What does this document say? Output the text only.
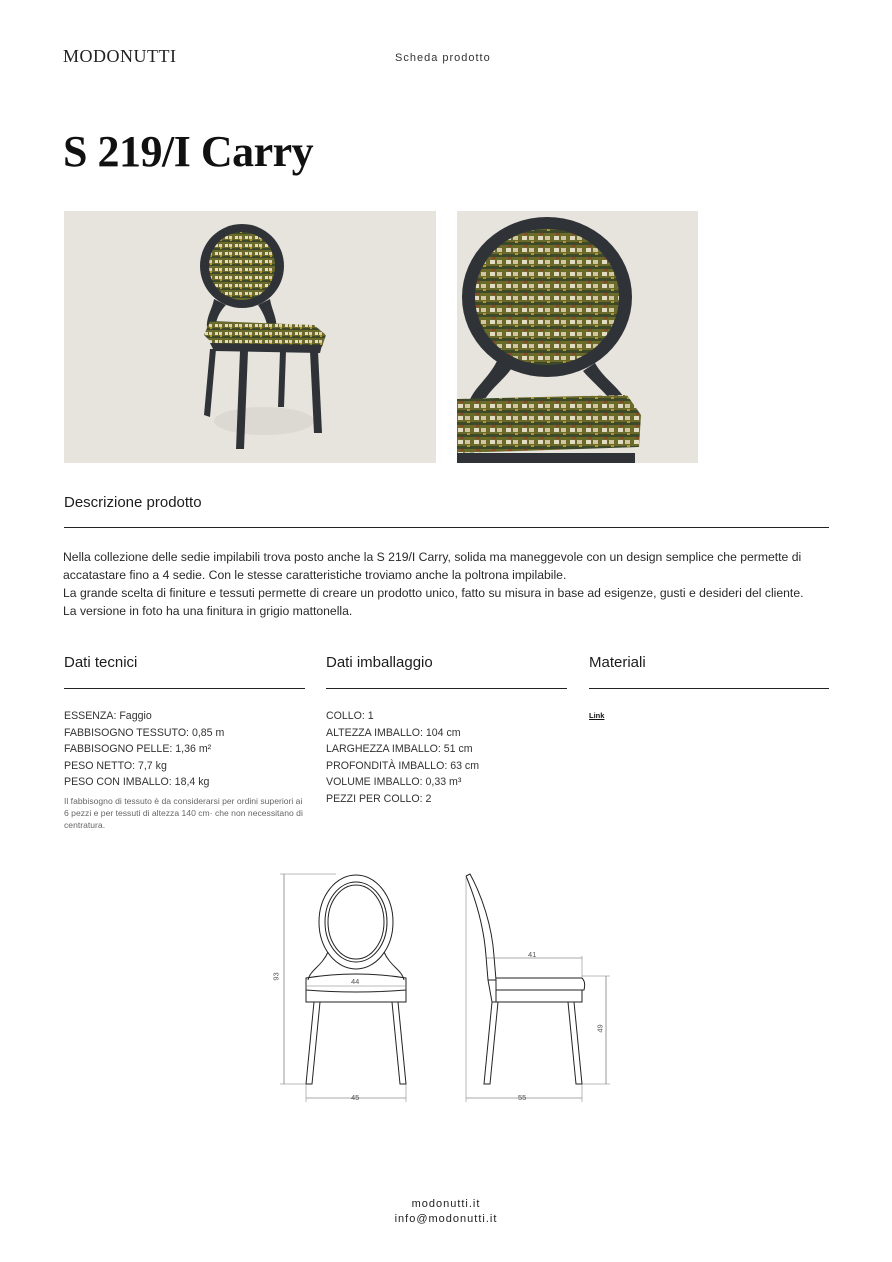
MODONUTTI	Scheda prodotto
S 219/I Carry
Descrizione prodotto

Nella collezione delle sedie impilabili trova posto anche la S 219/I Carry, solida ma maneggevole con un design semplice che permette di accatastare fino a 4 sedie. Con le stesse caratteristiche troviamo anche la poltrona impilabile.

La grande scelta di finiture e tessuti permette di creare un prodotto unico, fatto su misura in base ad esigenze, gusti e desideri del cliente.

La versione in foto ha una finitura in grigio mattonella.

Dati tecnici
ESSENZA: Faggio
FABBISOGNO TESSUTO: 0,85 m
FABBISOGNO PELLE: 1,36 m²
PESO NETTO: 7,7 kg
PESO CON IMBALLO: 18,4 kg
Il fabbisogno di tessuto è da considerarsi per ordini superiori ai 6 pezzi e per tessuti di altezza 140 cm· che non necessitano di centratura.
Dati imballaggio
COLLO: 1
ALTEZZA IMBALLO: 104 cm
LARGHEZZA IMBALLO: 51 cm
PROFONDITÀ IMBALLO: 63 cm
VOLUME IMBALLO: 0,33 m³
PEZZI PER COLLO: 2
Materiali
Link
93
44
45
41
49
55
modonutti.it
info@modonutti.it
